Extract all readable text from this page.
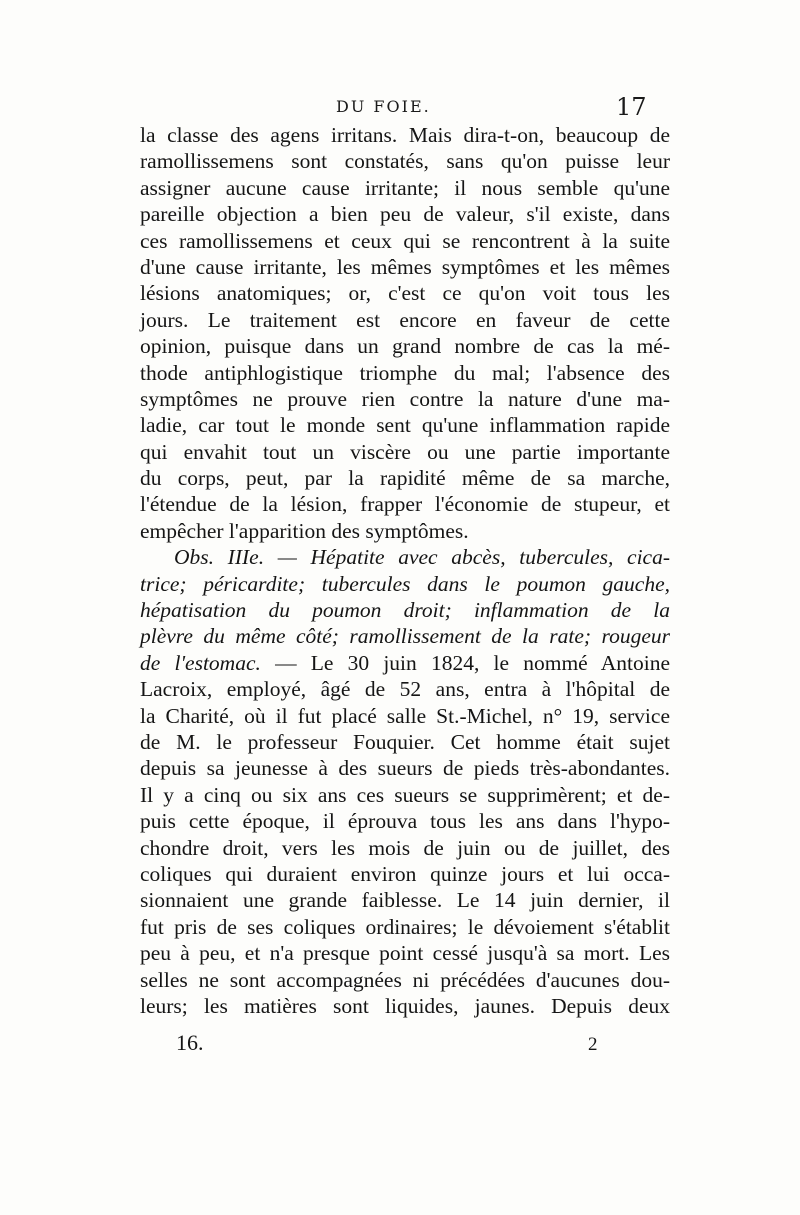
DU FOIE.	17
la classe des agens irritans. Mais dira-t-on, beaucoup de
ramollissemens sont constatés, sans qu'on puisse leur
assigner aucune cause irritante; il nous semble qu'une
pareille objection a bien peu de valeur, s'il existe, dans
ces ramollissemens et ceux qui se rencontrent à la suite
d'une cause irritante, les mêmes symptômes et les mêmes
lésions anatomiques; or, c'est ce qu'on voit tous les
jours. Le traitement est encore en faveur de cette
opinion, puisque dans un grand nombre de cas la mé-
thode antiphlogistique triomphe du mal; l'absence des
symptômes ne prouve rien contre la nature d'une ma-
ladie, car tout le monde sent qu'une inflammation rapide
qui envahit tout un viscère ou une partie importante
du corps, peut, par la rapidité même de sa marche,
l'étendue de la lésion, frapper l'économie de stupeur, et
empêcher l'apparition des symptômes.
Obs. IIIe. — Hépatite avec abcès, tubercules, cica-
trice; péricardite; tubercules dans le poumon gauche,
hépatisation du poumon droit; inflammation de la
plèvre du même côté; ramollissement de la rate; rougeur
de l'estomac. — Le 30 juin 1824, le nommé Antoine
Lacroix, employé, âgé de 52 ans, entra à l'hôpital de
la Charité, où il fut placé salle St.-Michel, n° 19, service
de M. le professeur Fouquier. Cet homme était sujet
depuis sa jeunesse à des sueurs de pieds très-abondantes.
Il y a cinq ou six ans ces sueurs se supprimèrent; et de-
puis cette époque, il éprouva tous les ans dans l'hypo-
chondre droit, vers les mois de juin ou de juillet, des
coliques qui duraient environ quinze jours et lui occa-
sionnaient une grande faiblesse. Le 14 juin dernier, il
fut pris de ses coliques ordinaires; le dévoiement s'établit
peu à peu, et n'a presque point cessé jusqu'à sa mort. Les
selles ne sont accompagnées ni précédées d'aucunes dou-
leurs; les matières sont liquides, jaunes. Depuis deux
16.	2
